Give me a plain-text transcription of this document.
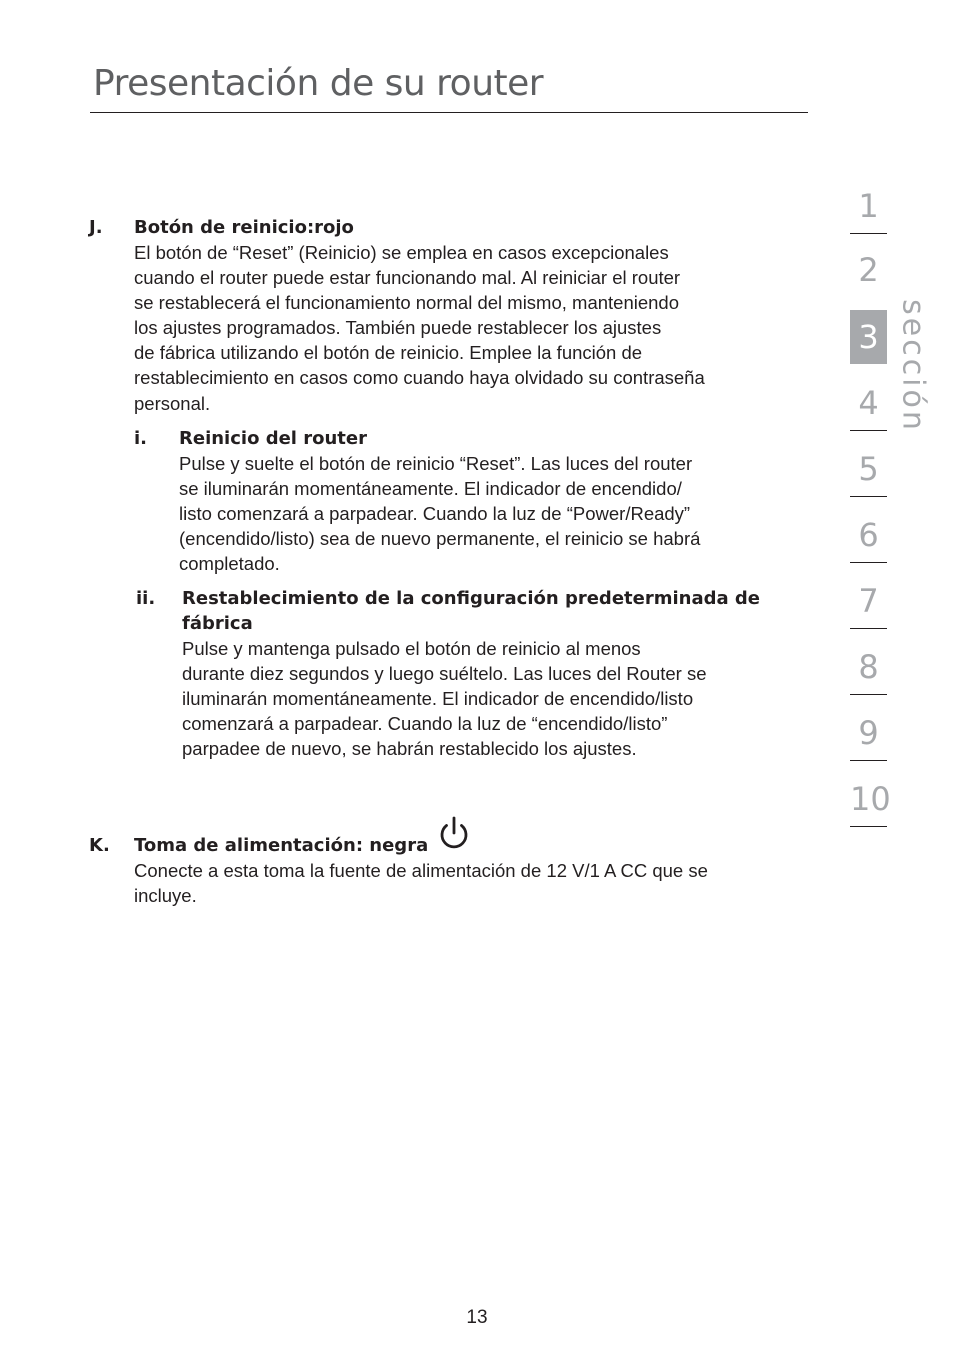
Presentación de su router
J. Botón de reinicio:rojo
El botón de “Reset” (Reinicio) se emplea en casos excepcionales
cuando el router puede estar funcionando mal. Al reiniciar el router
se restablecerá el funcionamiento normal del mismo, manteniendo
los ajustes programados. También puede restablecer los ajustes
de fábrica utilizando el botón de reinicio. Emplee la función de
restablecimiento en casos como cuando haya olvidado su contraseña
personal.
i. Reinicio del router
Pulse y suelte el botón de reinicio “Reset”. Las luces del router
se iluminarán momentáneamente. El indicador de encendido/
listo comenzará a parpadear. Cuando la luz de “Power/Ready”
(encendido/listo) sea de nuevo permanente, el reinicio se habrá
completado.
ii. Restablecimiento de la configuración predeterminada de
fábrica
Pulse y mantenga pulsado el botón de reinicio al menos
durante diez segundos y luego suéltelo. Las luces del Router se
iluminarán momentáneamente. El indicador de encendido/listo
comenzará a parpadear. Cuando la luz de “encendido/listo”
parpadee de nuevo, se habrán restablecido los ajustes.
K. Toma de alimentación: negra
Conecte a esta toma la fuente de alimentación de 12 V/1 A CC que se
incluye.
1
2
3
4
5
6
7
8
9
10
sección
13
